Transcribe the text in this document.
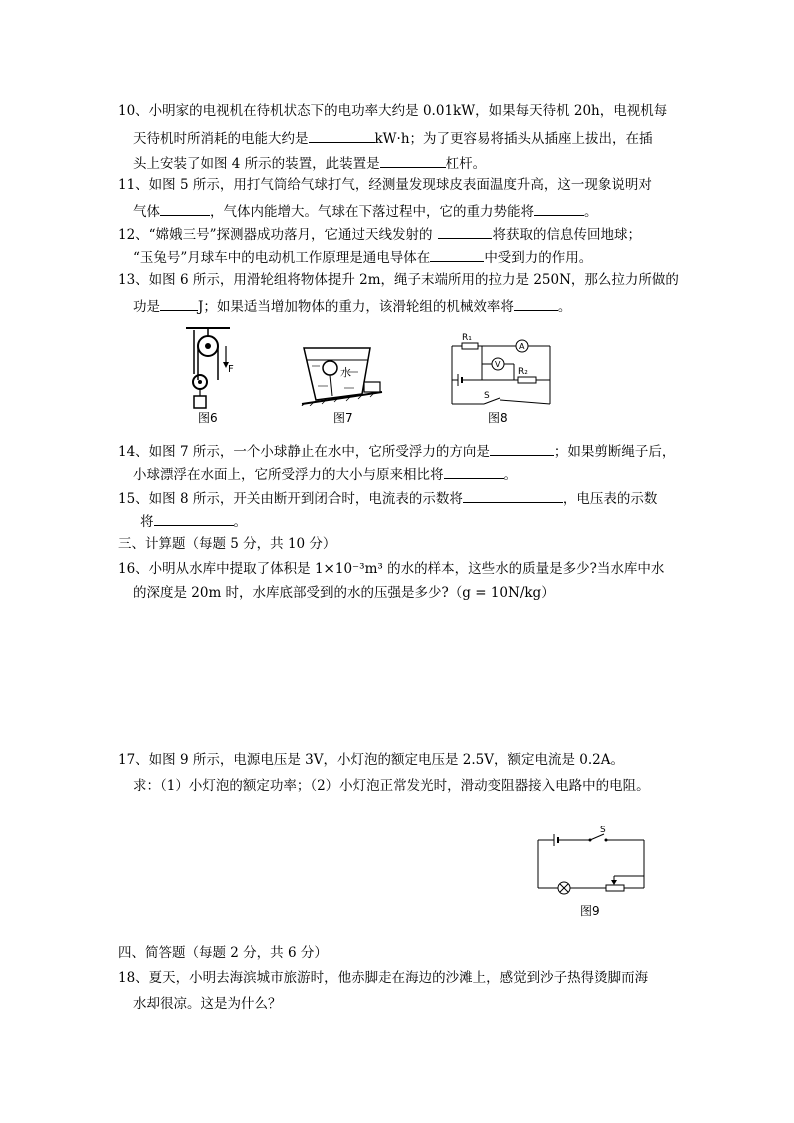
10、小明家的电视机在待机状态下的电功率大约是 0.01kW，如果每天待机 20h，电视机每
天待机时所消耗的电能大约是	kW·h；为了更容易将插头从插座上拔出，在插
头上安装了如图 4 所示的装置，此装置是	杠杆。
11、如图 5 所示，用打气筒给气球打气，经测量发现球皮表面温度升高，这一现象说明对
气体	，气体内能增大。气球在下落过程中，它的重力势能将	。
12、“嫦娥三号”探测器成功落月，它通过天线发射的	将获取的信息传回地球；
“玉兔号”月球车中的电动机工作原理是通电导体在	中受到力的作用。
13、如图 6 所示，用滑轮组将物体提升 2m，绳子末端所用的拉力是 250N，那么拉力所做的
功是	J；如果适当增加物体的重力，该滑轮组的机械效率将	。
F
图6
水
图7
R₁
A
V
R₂
S
图8
14、如图 7 所示，一个小球静止在水中，它所受浮力的方向是	；如果剪断绳子后，
小球漂浮在水面上，它所受浮力的大小与原来相比将	。
15、如图 8 所示，开关由断开到闭合时，电流表的示数将	，电压表的示数
将	。
三、计算题（每题 5 分，共 10 分）
16、小明从水库中提取了体积是 1×10⁻³m³ 的水的样本，这些水的质量是多少?当水库中水
的深度是 20m 时，水库底部受到的水的压强是多少?（g = 10N/kg）
17、如图 9 所示，电源电压是 3V，小灯泡的额定电压是 2.5V，额定电流是 0.2A。
求：（1）小灯泡的额定功率；（2）小灯泡正常发光时，滑动变阻器接入电路中的电阻。
S
图9
四、简答题（每题 2 分，共 6 分）
18、夏天，小明去海滨城市旅游时，他赤脚走在海边的沙滩上，感觉到沙子热得烫脚而海
水却很凉。这是为什么？
